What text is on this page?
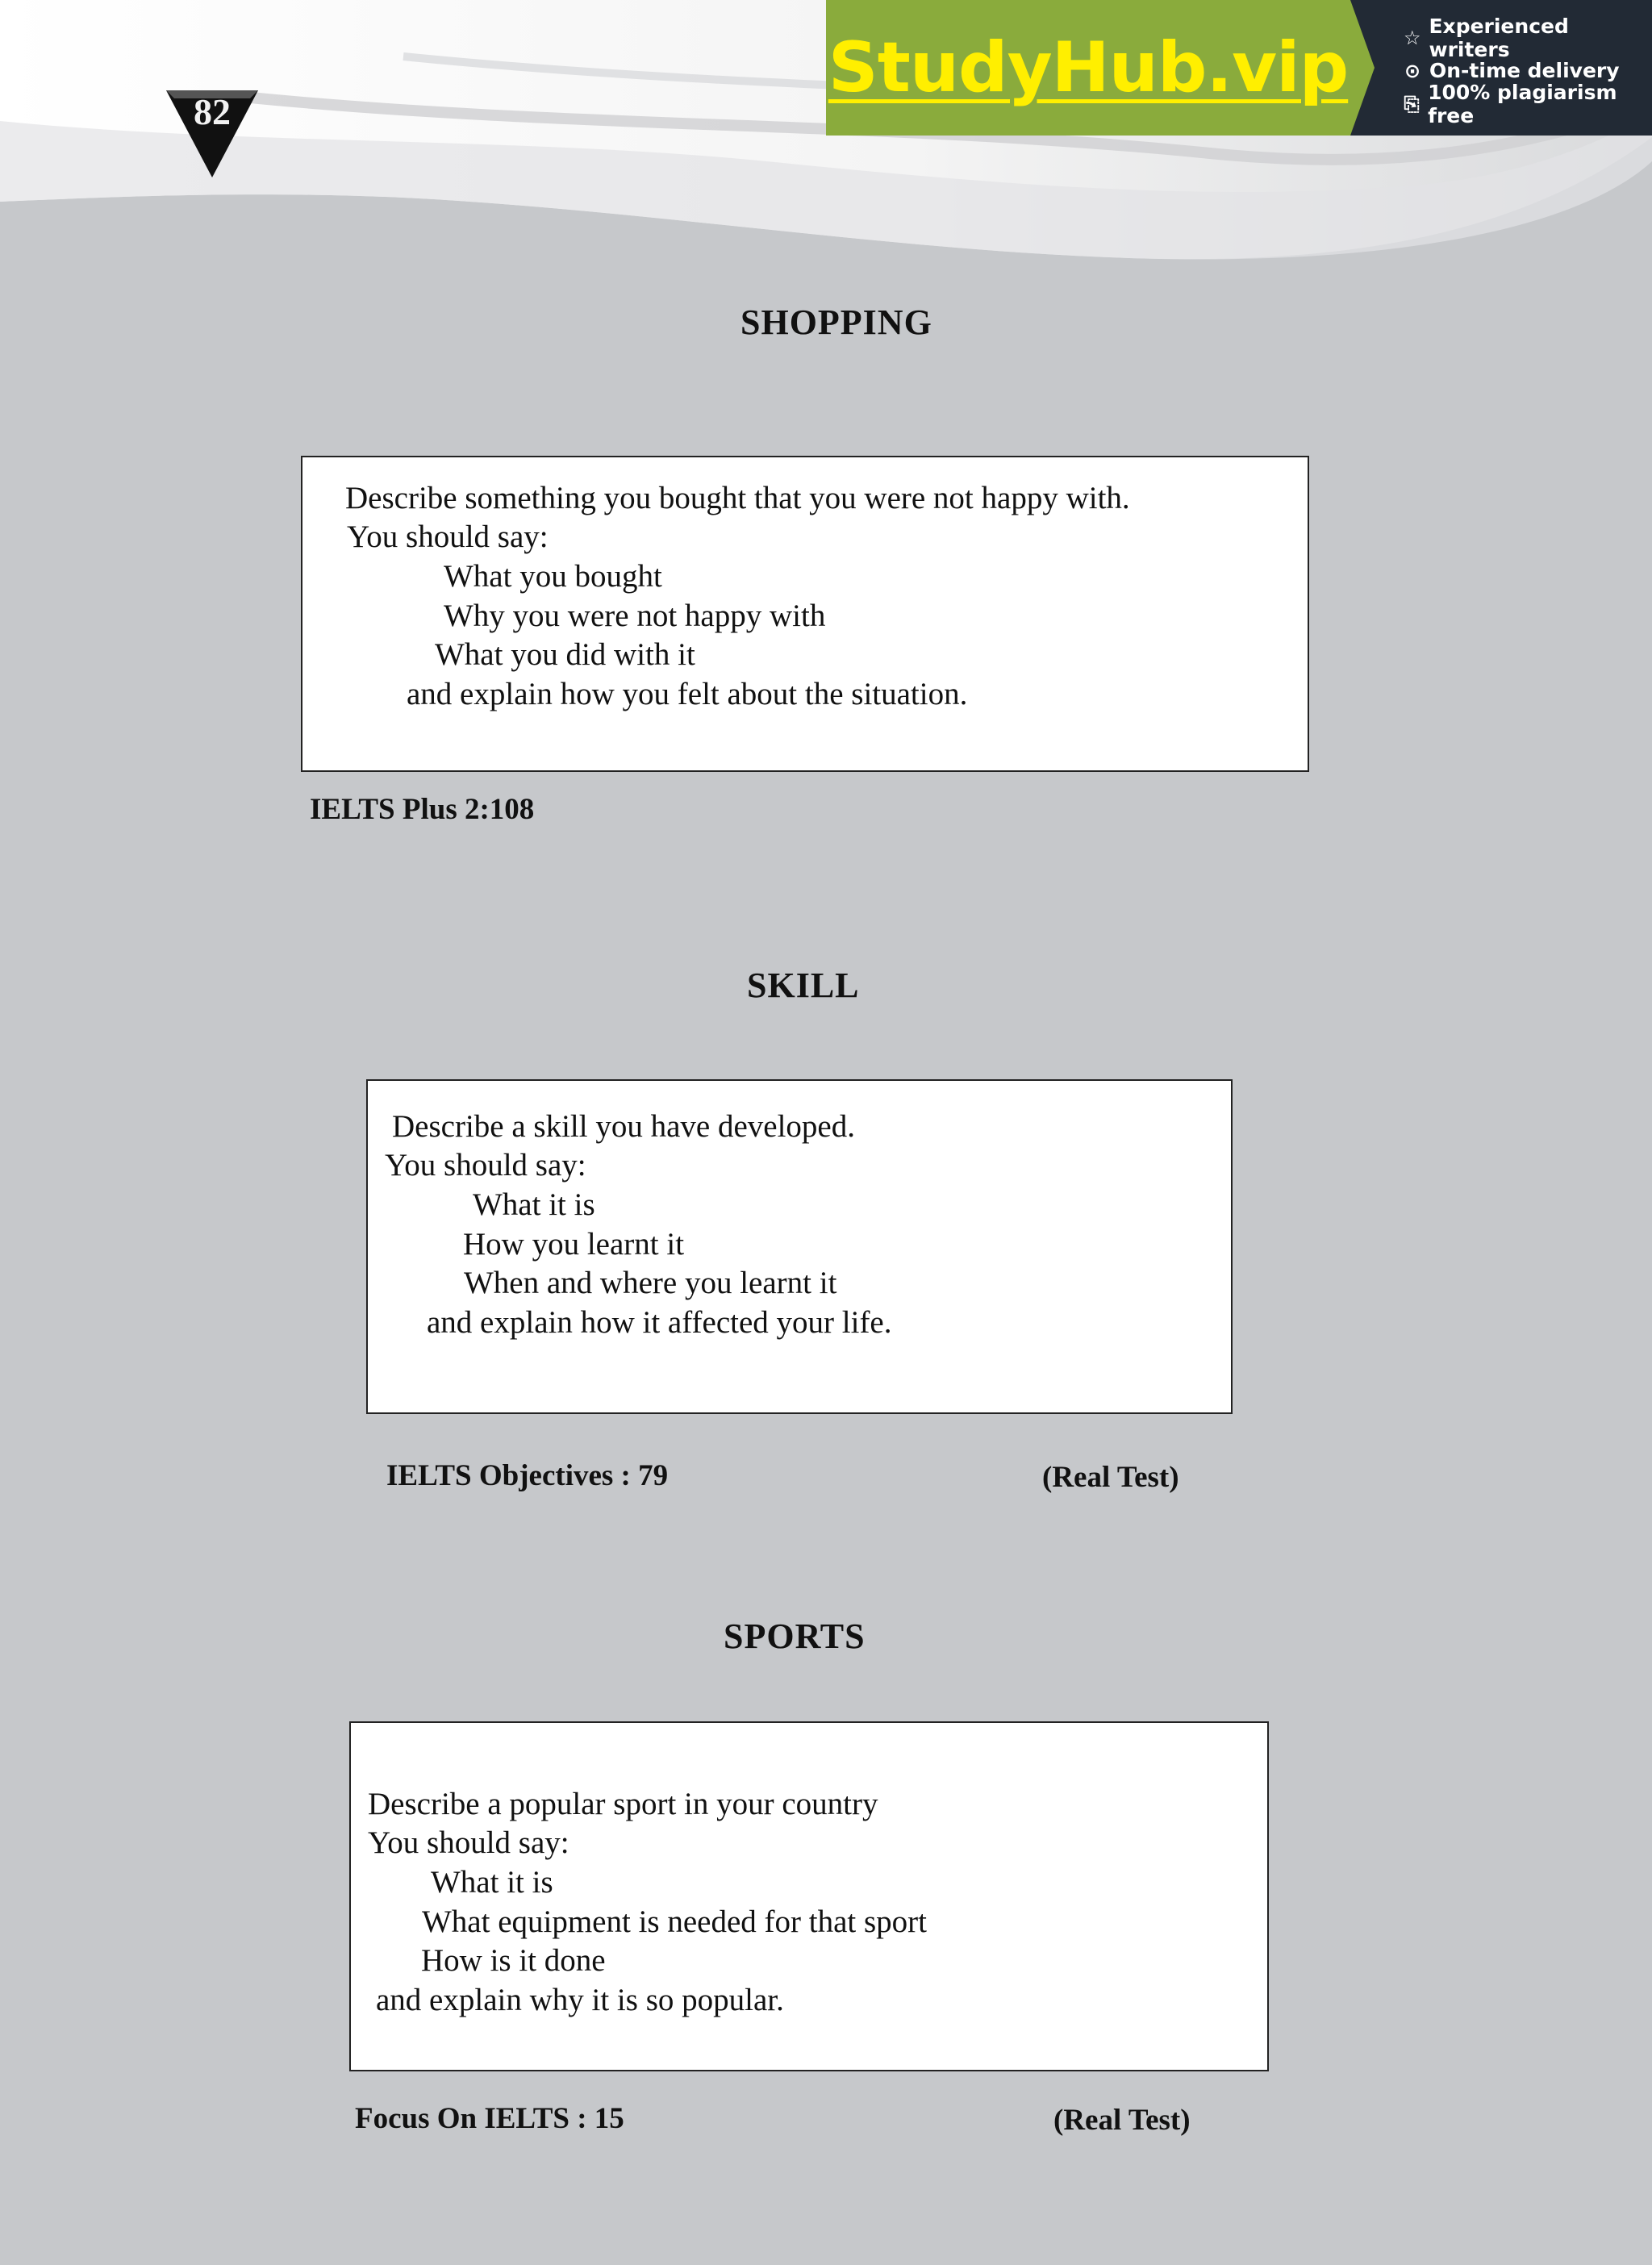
82
StudyHub.vip	☆ Experienced writers
⊙ On-time delivery
⎘ 100% plagiarism free
SHOPPING
Describe something you bought that you were not happy with.
You should say:
What you bought
Why you were not happy with
What you did with it
and explain how you felt about the situation.
IELTS Plus 2:108
SKILL
Describe a skill you have developed.
You should say:
What it is
How you learnt it
When and where you learnt it
and explain how it affected your life.
IELTS Objectives : 79	(Real Test)
SPORTS
Describe a popular sport in your country
You should say:
What it is
What equipment is needed for that sport
How is it done
and explain why it is so popular.
Focus On IELTS : 15	(Real Test)
